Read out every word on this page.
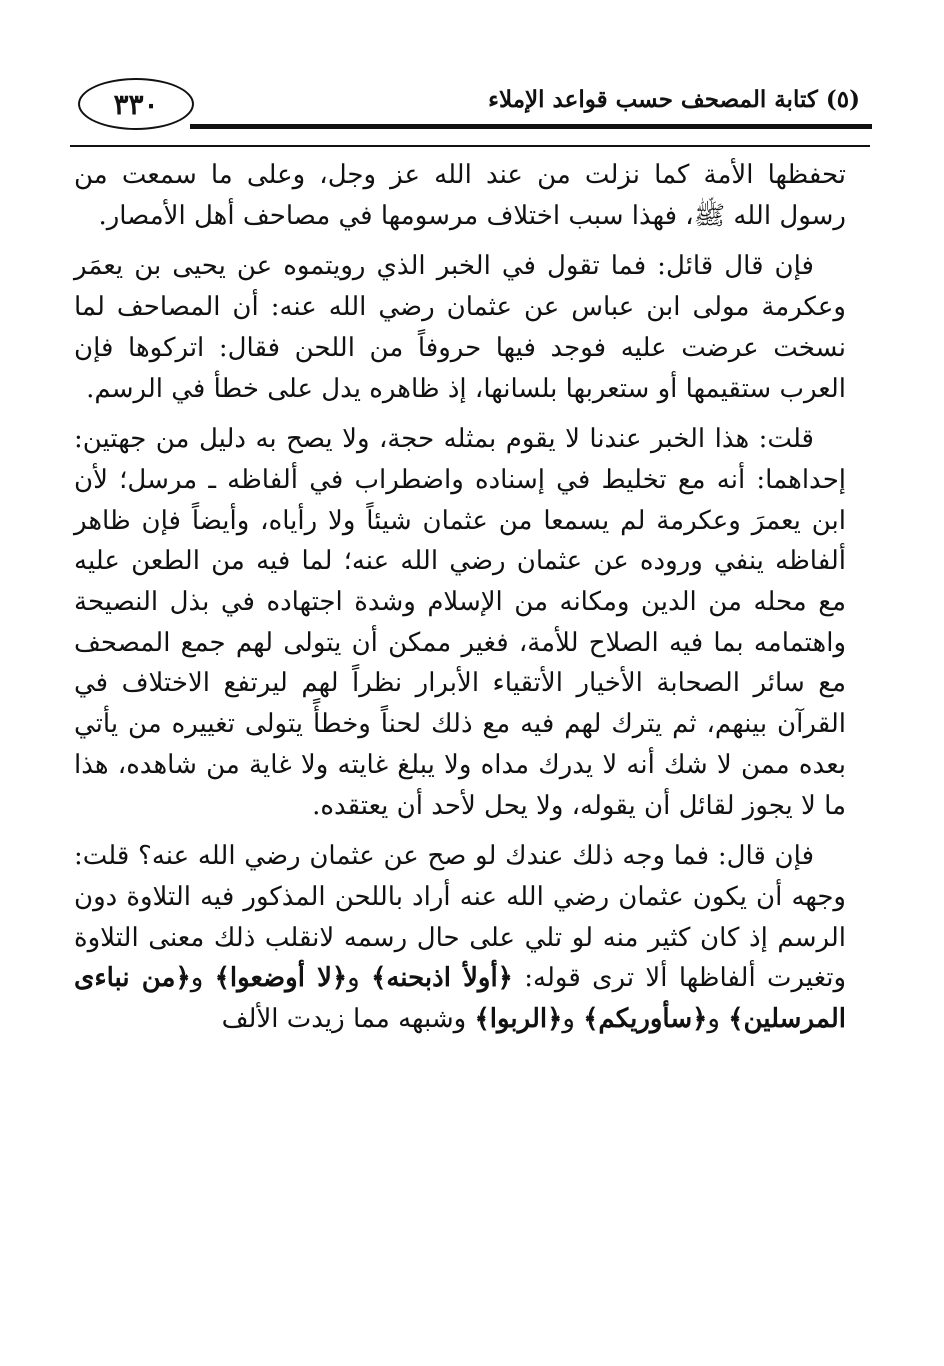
٣٣٠	(٥) كتابة المصحف حسب قواعد الإملاء

تحفظها الأمة كما نزلت من عند الله عز وجل، وعلى ما سمعت من رسول الله ﷺ، فهذا سبب اختلاف مرسومها في مصاحف أهل الأمصار.

فإن قال قائل: فما تقول في الخبر الذي رويتموه عن يحيى بن يعمَر وعكرمة مولى ابن عباس عن عثمان رضي الله عنه: أن المصاحف لما نسخت عرضت عليه فوجد فيها حروفاً من اللحن فقال: اتركوها فإن العرب ستقيمها أو ستعربها بلسانها، إذ ظاهره يدل على خطأ في الرسم.

قلت: هذا الخبر عندنا لا يقوم بمثله حجة، ولا يصح به دليل من جهتين: إحداهما: أنه مع تخليط في إسناده واضطراب في ألفاظه ـ مرسل؛ لأن ابن يعمرَ وعكرمة لم يسمعا من عثمان شيئاً ولا رأياه، وأيضاً فإن ظاهر ألفاظه ينفي وروده عن عثمان رضي الله عنه؛ لما فيه من الطعن عليه مع محله من الدين ومكانه من الإسلام وشدة اجتهاده في بذل النصيحة واهتمامه بما فيه الصلاح للأمة، فغير ممكن أن يتولى لهم جمع المصحف مع سائر الصحابة الأخيار الأتقياء الأبرار نظراً لهم ليرتفع الاختلاف في القرآن بينهم، ثم يترك لهم فيه مع ذلك لحناً وخطأً يتولى تغييره من يأتي بعده ممن لا شك أنه لا يدرك مداه ولا يبلغ غايته ولا غاية من شاهده، هذا ما لا يجوز لقائل أن يقوله، ولا يحل لأحد أن يعتقده.

فإن قال: فما وجه ذلك عندك لو صح عن عثمان رضي الله عنه؟ قلت: وجهه أن يكون عثمان رضي الله عنه أراد باللحن المذكور فيه التلاوة دون الرسم إذ كان كثير منه لو تلي على حال رسمه لانقلب ذلك معنى التلاوة وتغيرت ألفاظها ألا ترى قوله: ﴿أولأ اذبحنه﴾ و﴿لا أوضعوا﴾ و﴿من نباءى المرسلين﴾ و﴿سأوريكم﴾ و﴿الربوا﴾ وشبهه مما زيدت الألف
